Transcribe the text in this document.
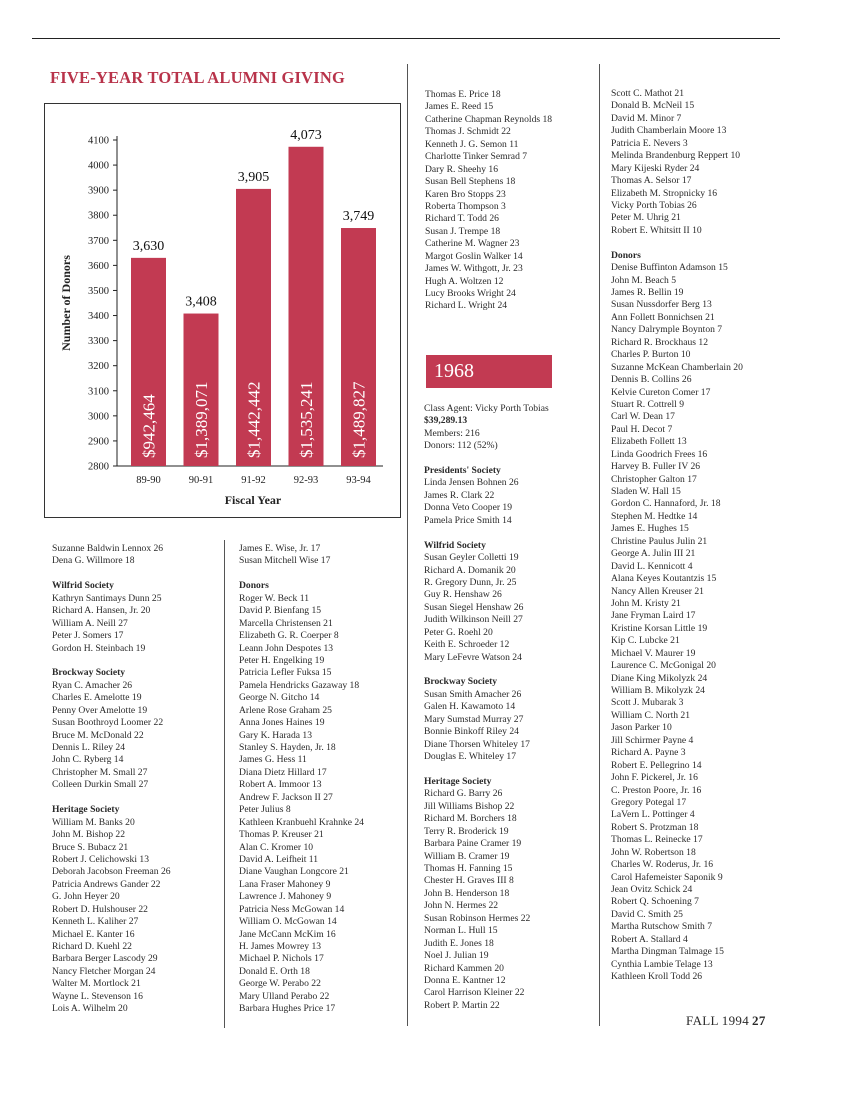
FIVE-YEAR TOTAL ALUMNI GIVING
2800
2900
3000
3100
3200
3300
3400
3500
3600
3700
3800
3900
4000
4100
3,630
$942,464
89-90
3,408
$1,389,071
90-91
3,905
$1,442,442
91-92
4,073
$1,535,241
92-93
3,749
$1,489,827
93-94
Fiscal Year
Number of Donors
Suzanne Baldwin Lennox 26
Dena G. Willmore 18
Wilfrid Society
Kathryn Santimays Dunn 25
Richard A. Hansen, Jr. 20
William A. Neill 27
Peter J. Somers 17
Gordon H. Steinbach 19
Brockway Society
Ryan C. Amacher 26
Charles E. Amelotte 19
Penny Over Amelotte 19
Susan Boothroyd Loomer 22
Bruce M. McDonald 22
Dennis L. Riley 24
John C. Ryberg 14
Christopher M. Small 27
Colleen Durkin Small 27
Heritage Society
William M. Banks 20
John M. Bishop 22
Bruce S. Bubacz 21
Robert J. Celichowski 13
Deborah Jacobson Freeman 26
Patricia Andrews Gander 22
G. John Heyer 20
Robert D. Hulshouser 22
Kenneth L. Kaliher 27
Michael E. Kanter 16
Richard D. Kuehl 22
Barbara Berger Lascody 29
Nancy Fletcher Morgan 24
Walter M. Mortlock 21
Wayne L. Stevenson 16
Lois A. Wilhelm 20
James E. Wise, Jr. 17
Susan Mitchell Wise 17
Donors
Roger W. Beck 11
David P. Bienfang 15
Marcella Christensen 21
Elizabeth G. R. Coerper 8
Leann John Despotes 13
Peter H. Engelking 19
Patricia Lefler Fuksa 15
Pamela Hendricks Gazaway 18
George N. Gitcho 14
Arlene Rose Graham 25
Anna Jones Haines 19
Gary K. Harada 13
Stanley S. Hayden, Jr. 18
James G. Hess 11
Diana Dietz Hillard 17
Robert A. Immoor 13
Andrew F. Jackson II 27
Peter Julius 8
Kathleen Kranbuehl Krahnke 24
Thomas P. Kreuser 21
Alan C. Kromer 10
David A. Leifheit 11
Diane Vaughan Longcore 21
Lana Fraser Mahoney 9
Lawrence J. Mahoney 9
Patricia Ness McGowan 14
William O. McGowan 14
Jane McCann McKim 16
H. James Mowrey 13
Michael P. Nichols 17
Donald E. Orth 18
George W. Perabo 22
Mary Ulland Perabo 22
Barbara Hughes Price 17
Thomas E. Price 18
James E. Reed 15
Catherine Chapman Reynolds 18
Thomas J. Schmidt 22
Kenneth J. G. Semon 11
Charlotte Tinker Semrad 7
Dary R. Sheehy 16
Susan Bell Stephens 18
Karen Bro Stopps 23
Roberta Thompson 3
Richard T. Todd 26
Susan J. Trempe 18
Catherine M. Wagner 23
Margot Goslin Walker 14
James W. Withgott, Jr. 23
Hugh A. Woltzen 12
Lucy Brooks Wright 24
Richard L. Wright 24
1968
Class Agent: Vicky Porth Tobias
$39,289.13
Members: 216
Donors: 112 (52%)
Presidents' Society
Linda Jensen Bohnen 26
James R. Clark 22
Donna Veto Cooper 19
Pamela Price Smith 14
Wilfrid Society
Susan Geyler Colletti 19
Richard A. Domanik 20
R. Gregory Dunn, Jr. 25
Guy R. Henshaw 26
Susan Siegel Henshaw 26
Judith Wilkinson Neill 27
Peter G. Roehl 20
Keith E. Schroeder 12
Mary LeFevre Watson 24
Brockway Society
Susan Smith Amacher 26
Galen H. Kawamoto 14
Mary Sumstad Murray 27
Bonnie Binkoff Riley 24
Diane Thorsen Whiteley 17
Douglas E. Whiteley 17
Heritage Society
Richard G. Barry 26
Jill Williams Bishop 22
Richard M. Borchers 18
Terry R. Broderick 19
Barbara Paine Cramer 19
William B. Cramer 19
Thomas H. Fanning 15
Chester H. Graves III 8
John B. Henderson 18
John N. Hermes 22
Susan Robinson Hermes 22
Norman L. Hull 15
Judith E. Jones 18
Noel J. Julian 19
Richard Kammen 20
Donna E. Kantner 12
Carol Harrison Kleiner 22
Robert P. Martin 22
Scott C. Mathot 21
Donald B. McNeil 15
David M. Minor 7
Judith Chamberlain Moore 13
Patricia E. Nevers 3
Melinda Brandenburg Reppert 10
Mary Kijeski Ryder 24
Thomas A. Selsor 17
Elizabeth M. Stropnicky 16
Vicky Porth Tobias 26
Peter M. Uhrig 21
Robert E. Whitsitt II 10
Donors
Denise Buffinton Adamson 15
John M. Beach 5
James R. Bellin 19
Susan Nussdorfer Berg 13
Ann Follett Bonnichsen 21
Nancy Dalrymple Boynton 7
Richard R. Brockhaus 12
Charles P. Burton 10
Suzanne McKean Chamberlain 20
Dennis B. Collins 26
Kelvie Cureton Comer 17
Stuart R. Cottrell 9
Carl W. Dean 17
Paul H. Decot 7
Elizabeth Follett 13
Linda Goodrich Frees 16
Harvey B. Fuller IV 26
Christopher Galton 17
Sladen W. Hall 15
Gordon C. Hannaford, Jr. 18
Stephen M. Hedtke 14
James E. Hughes 15
Christine Paulus Julin 21
George A. Julin III 21
David L. Kennicott 4
Alana Keyes Koutantzis 15
Nancy Allen Kreuser 21
John M. Kristy 21
Jane Fryman Laird 17
Kristine Korsan Little 19
Kip C. Lubcke 21
Michael V. Maurer 19
Laurence C. McGonigal 20
Diane King Mikolyzk 24
William B. Mikolyzk 24
Scott J. Mubarak 3
William C. North 21
Jason Parker 10
Jill Schirmer Payne 4
Richard A. Payne 3
Robert E. Pellegrino 14
John F. Pickerel, Jr. 16
C. Preston Poore, Jr. 16
Gregory Potegal 17
LaVern L. Pottinger 4
Robert S. Protzman 18
Thomas L. Reinecke 17
John W. Robertson 18
Charles W. Roderus, Jr. 16
Carol Hafemeister Saponik 9
Jean Ovitz Schick 24
Robert Q. Schoening 7
David C. Smith 25
Martha Rutschow Smith 7
Robert A. Stallard 4
Martha Dingman Talmage 15
Cynthia Lambie Telage 13
Kathleen Kroll Todd 26
FALL 1994 27
